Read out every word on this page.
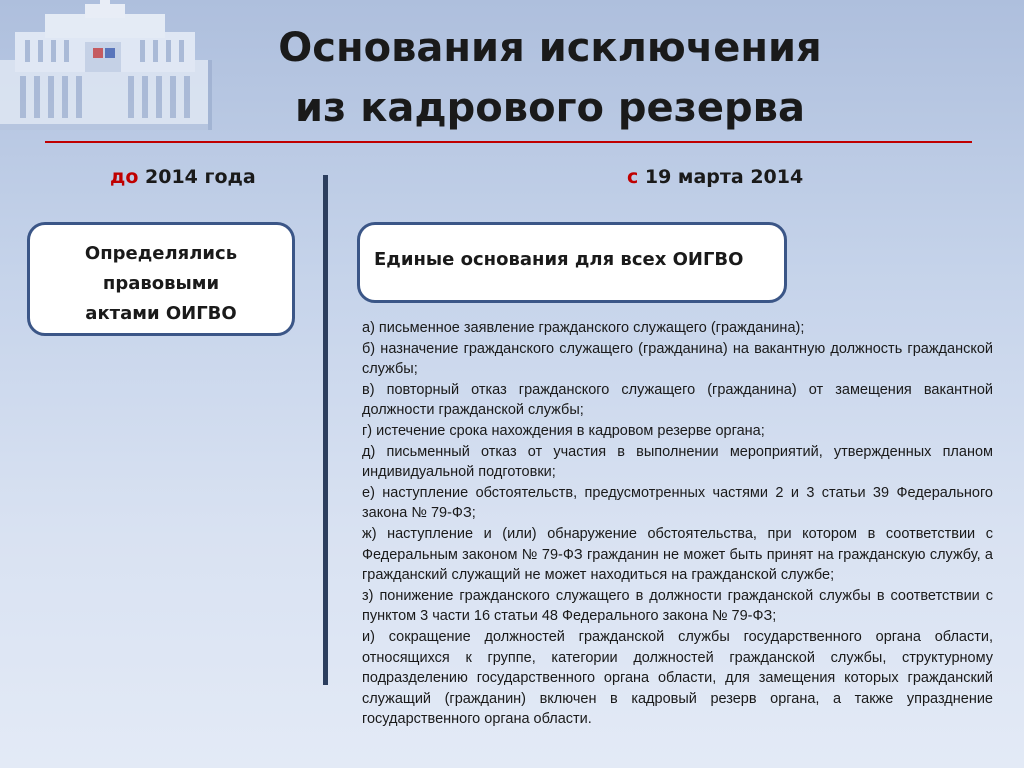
Основания исключения
из кадрового резерва
до 2014 года	с 19 марта 2014
Определялись
правовыми
актами ОИГВО
Единые основания для всех ОИГВО

а) письменное заявление гражданского служащего (гражданина);

б) назначение гражданского служащего (гражданина) на вакантную должность гражданской службы;

в) повторный отказ гражданского служащего (гражданина) от замещения вакантной должности гражданской службы;

г) истечение срока нахождения в кадровом резерве органа;

д) письменный отказ от участия в выполнении мероприятий, утвержденных планом индивидуальной подготовки;

е) наступление обстоятельств, предусмотренных частями 2 и 3 статьи 39 Федерального закона № 79-ФЗ;

ж) наступление и (или) обнаружение обстоятельства, при котором в соответствии с Федеральным законом № 79-ФЗ гражданин не может быть принят на гражданскую службу, а гражданский служащий не может находиться на гражданской службе;

з) понижение гражданского служащего в должности гражданской службы в соответствии с пунктом 3 части 16 статьи 48 Федерального закона № 79-ФЗ;

и) сокращение должностей гражданской службы государственного органа области, относящихся к группе, категории должностей гражданской службы, структурному подразделению государственного органа области, для замещения которых гражданский служащий (гражданин) включен в кадровый резерв органа, а также упразднение государственного органа области.
